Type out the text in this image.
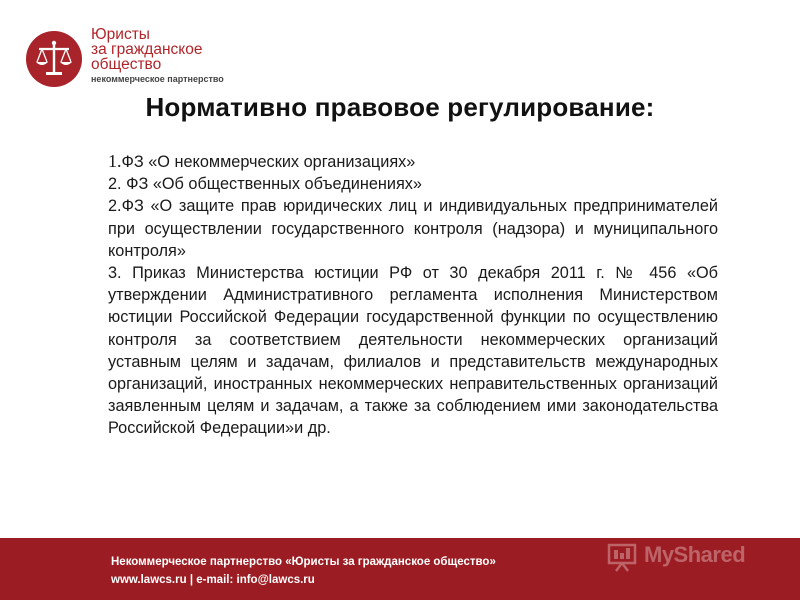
Юристы
за гражданское
общество
некоммерческое партнерство
Нормативно правовое регулирование:

1.ФЗ «О некоммерческих организациях»

2. ФЗ «Об общественных объединениях»

2.ФЗ «О защите прав юридических лиц и индивидуальных предпринимателей при осуществлении государственного контроля (надзора) и муниципального контроля»

3. Приказ Министерства юстиции РФ от 30 декабря 2011 г. № 456 «Об утверждении Административного регламента исполнения Министерством юстиции Российской Федерации государственной функции по осуществлению контроля за соответствием деятельности некоммерческих организаций уставным целям и задачам, филиалов и представительств международных организаций, иностранных некоммерческих неправительственных организаций заявленным целям и задачам, а также за соблюдением ими законодательства Российской Федерации»и др.

Некоммерческое партнерство «Юристы за гражданское общество»
www.lawcs.ru | e-mail: info@lawcs.ru
MyShared
